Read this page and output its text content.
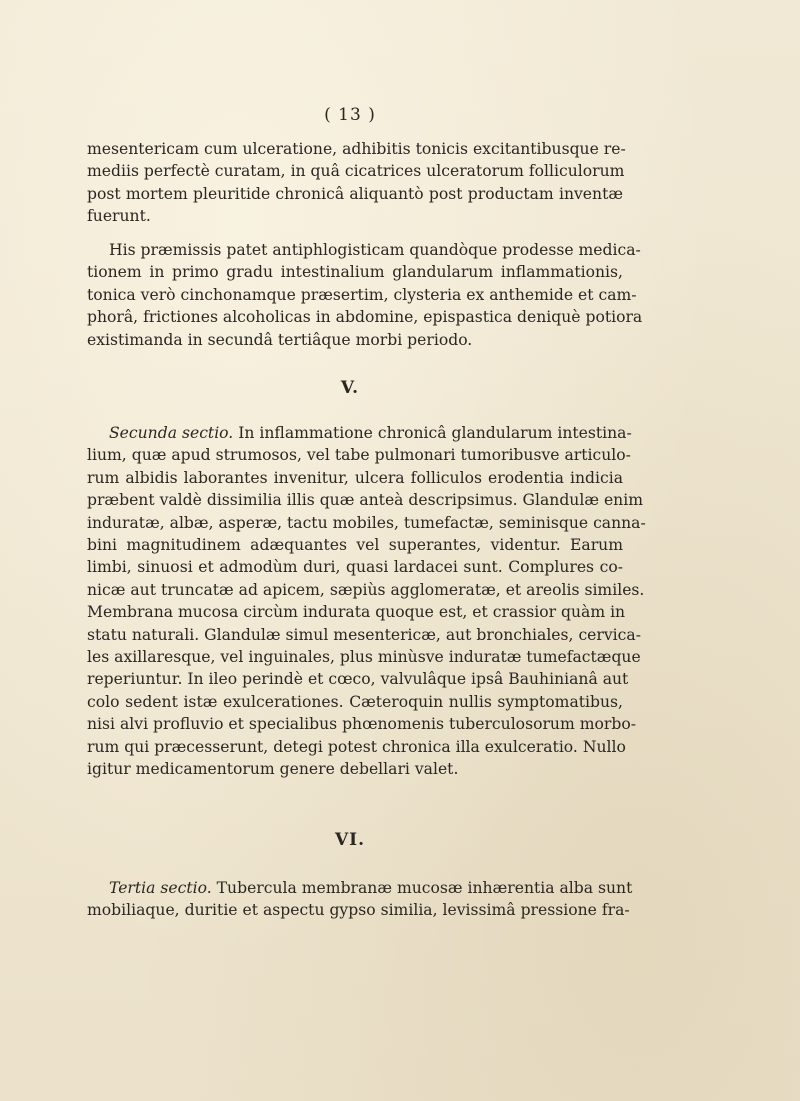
( 13 )
mesentericam cum ulceratione, adhibitis tonicis excitantibusque re-
mediis perfectè curatam, in quâ cicatrices ulceratorum folliculorum
post mortem pleuritide chronicâ aliquantò post productam inventæ
fuerunt.
His præmissis patet antiphlogisticam quandòque prodesse medica-
tionem in primo gradu intestinalium glandularum inflammationis,
tonica verò cinchonamque præsertim, clysteria ex anthemide et cam-
phorâ, frictiones alcoholicas in abdomine, epispastica deniquè potiora
existimanda in secundâ tertiâque morbi periodo.
V.
Secunda sectio. In inflammatione chronicâ glandularum intestina-
lium, quæ apud strumosos, vel tabe pulmonari tumoribusve articulo-
rum albidis laborantes invenitur, ulcera folliculos erodentia indicia
præbent valdè dissimilia illis quæ anteà descripsimus. Glandulæ enim
induratæ, albæ, asperæ, tactu mobiles, tumefactæ, seminisque canna-
bini magnitudinem adæquantes vel superantes, videntur. Earum
limbi, sinuosi et admodùm duri, quasi lardacei sunt. Complures co-
nicæ aut truncatæ ad apicem, sæpiùs agglomeratæ, et areolis similes.
Membrana mucosa circùm indurata quoque est, et crassior quàm in
statu naturali. Glandulæ simul mesentericæ, aut bronchiales, cervica-
les axillaresque, vel inguinales, plus minùsve induratæ tumefactæque
reperiuntur. In ileo perindè et cœco, valvulâque ipsâ Bauhinianâ aut
colo sedent istæ exulcerationes. Cæteroquin nullis symptomatibus,
nisi alvi profluvio et specialibus phœnomenis tuberculosorum morbo-
rum qui præcesserunt, detegi potest chronica illa exulceratio. Nullo
igitur medicamentorum genere debellari valet.
VI.
Tertia sectio. Tubercula membranæ mucosæ inhærentia alba sunt
mobiliaque, duritie et aspectu gypso similia, levissimâ pressione fra-
